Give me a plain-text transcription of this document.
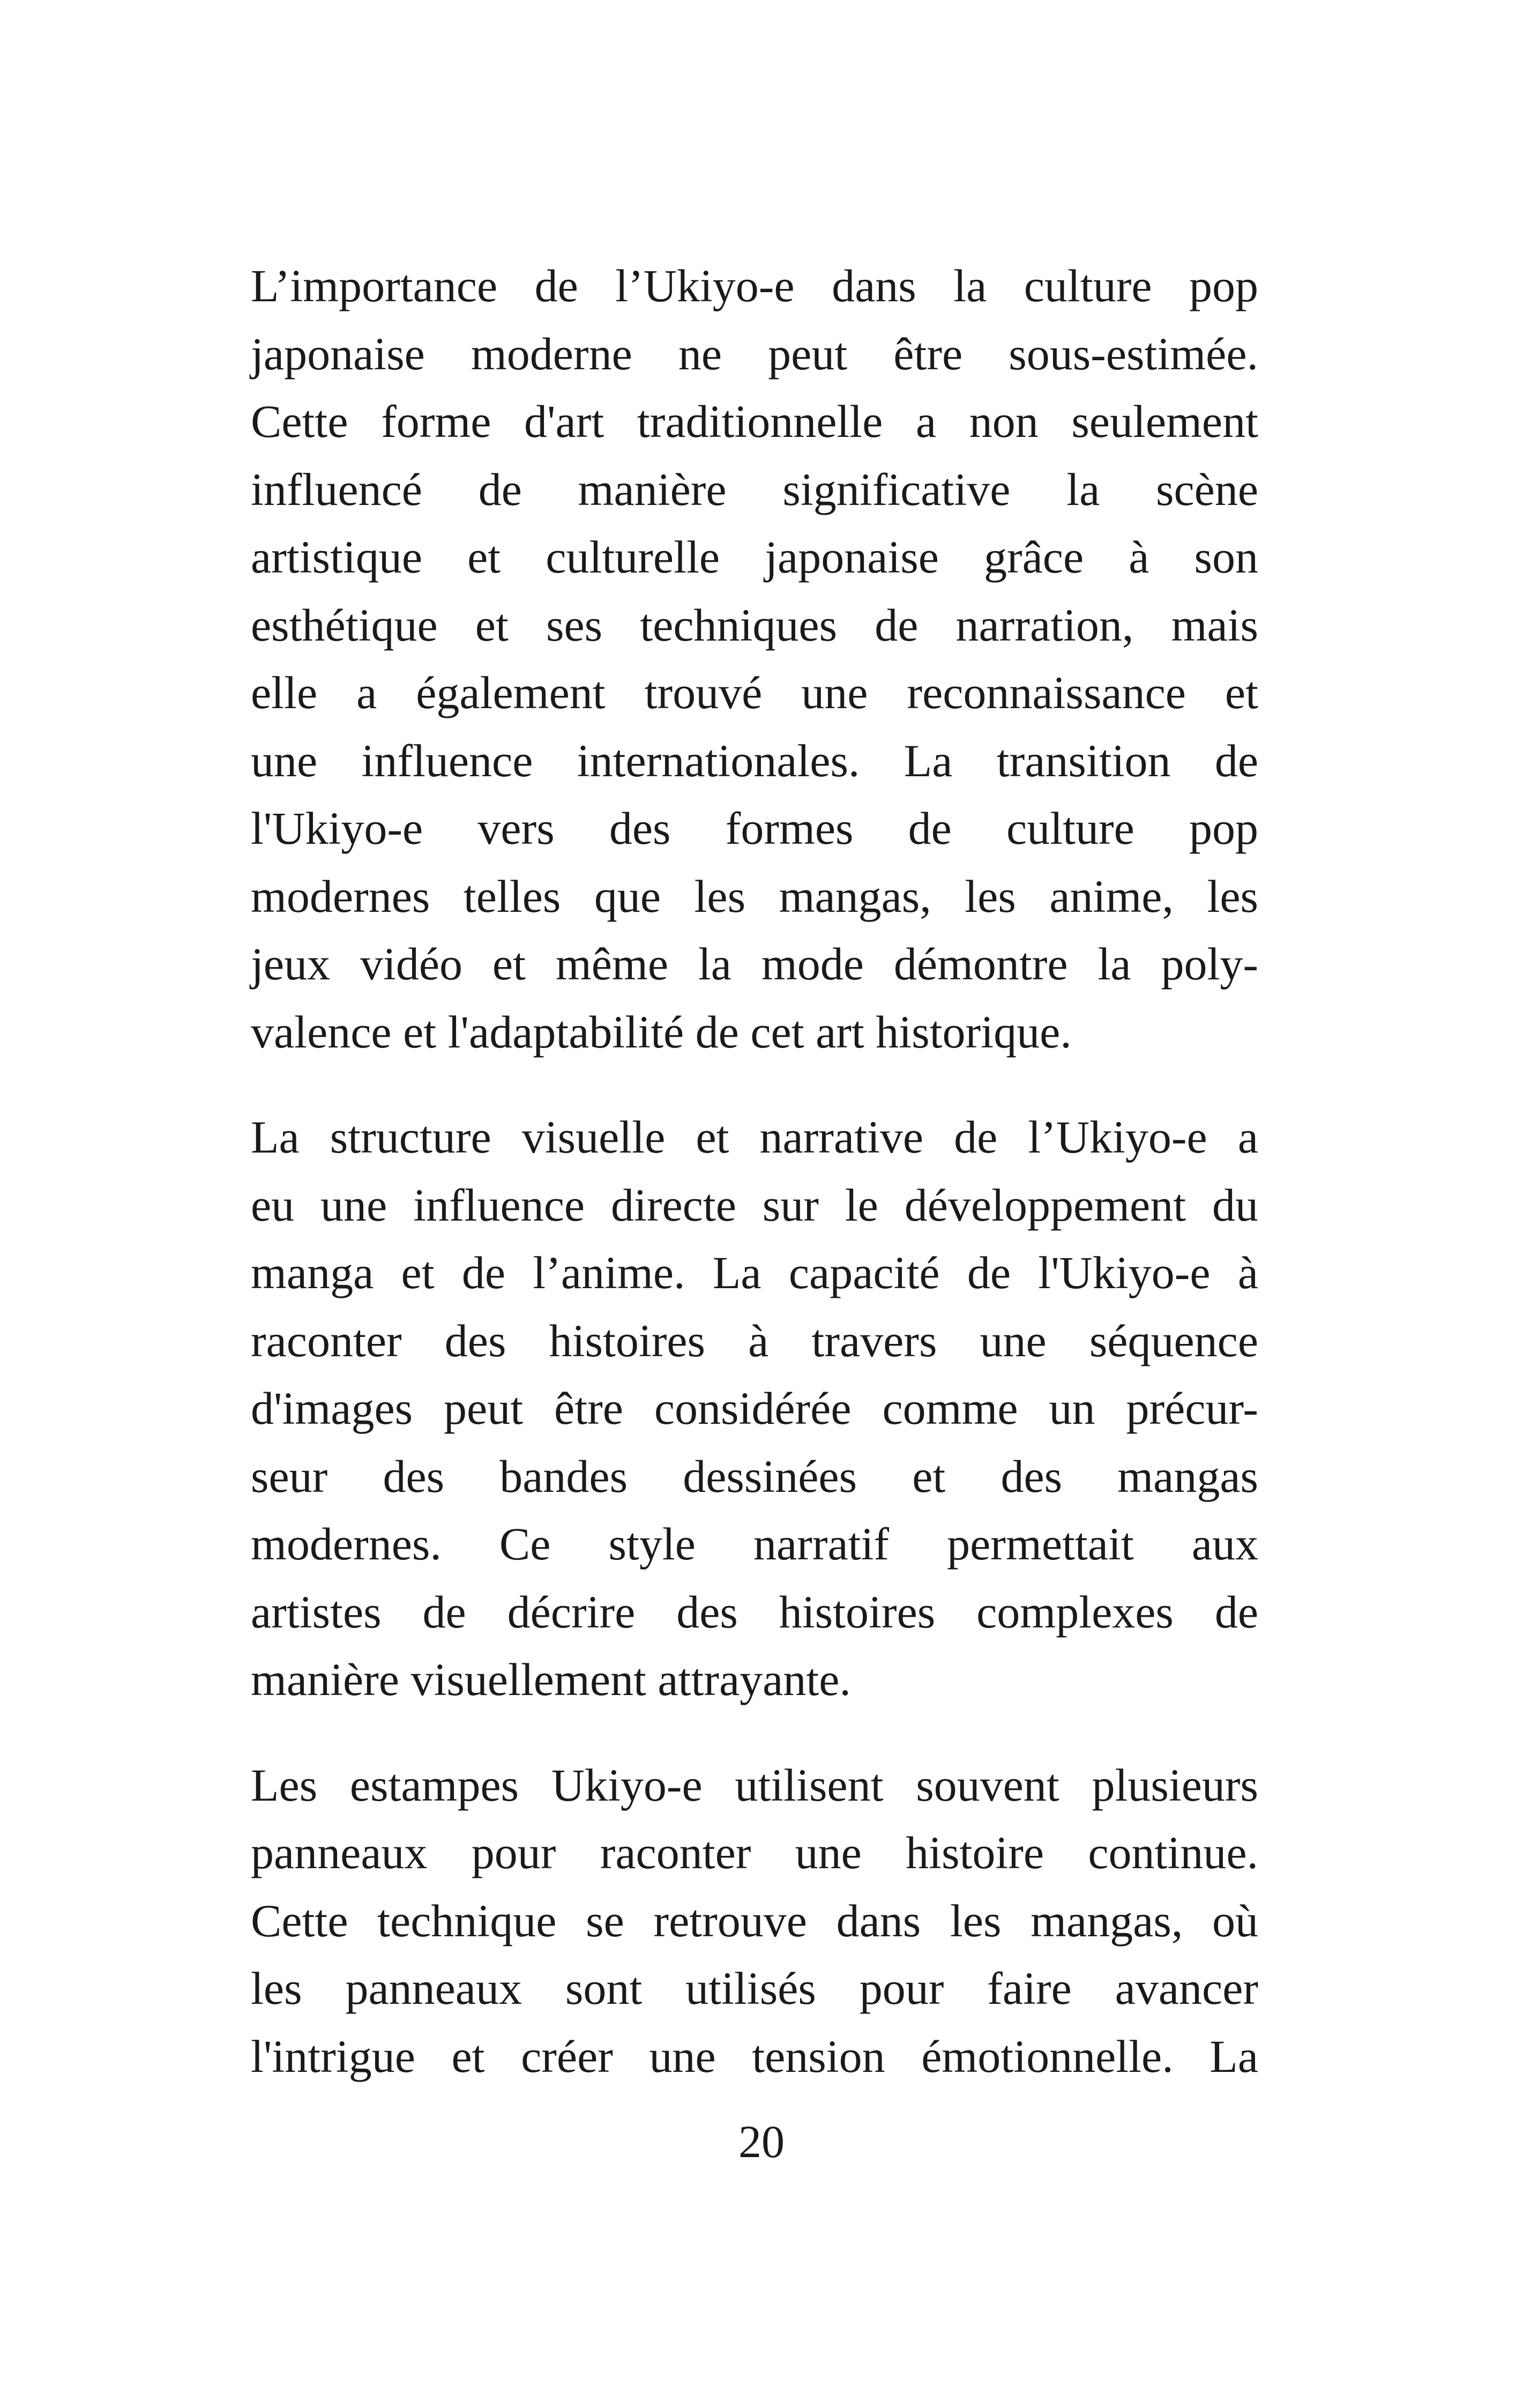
L’importance de l’Ukiyo-e dans la culture pop
japonaise moderne ne peut être sous-estimée.
Cette forme d'art traditionnelle a non seulement
influencé de manière significative la scène
artistique et culturelle japonaise grâce à son
esthétique et ses techniques de narration, mais
elle a également trouvé une reconnaissance et
une influence internationales. La transition de
l'Ukiyo-e vers des formes de culture pop
modernes telles que les mangas, les anime, les
jeux vidéo et même la mode démontre la poly-
valence et l'adaptabilité de cet art historique.

La structure visuelle et narrative de l’Ukiyo-e a
eu une influence directe sur le développement du
manga et de l’anime. La capacité de l'Ukiyo-e à
raconter des histoires à travers une séquence
d'images peut être considérée comme un précur-
seur des bandes dessinées et des mangas
modernes. Ce style narratif permettait aux
artistes de décrire des histoires complexes de
manière visuellement attrayante.

Les estampes Ukiyo-e utilisent souvent plusieurs
panneaux pour raconter une histoire continue.
Cette technique se retrouve dans les mangas, où
les panneaux sont utilisés pour faire avancer
l'intrigue et créer une tension émotionnelle. La

20
